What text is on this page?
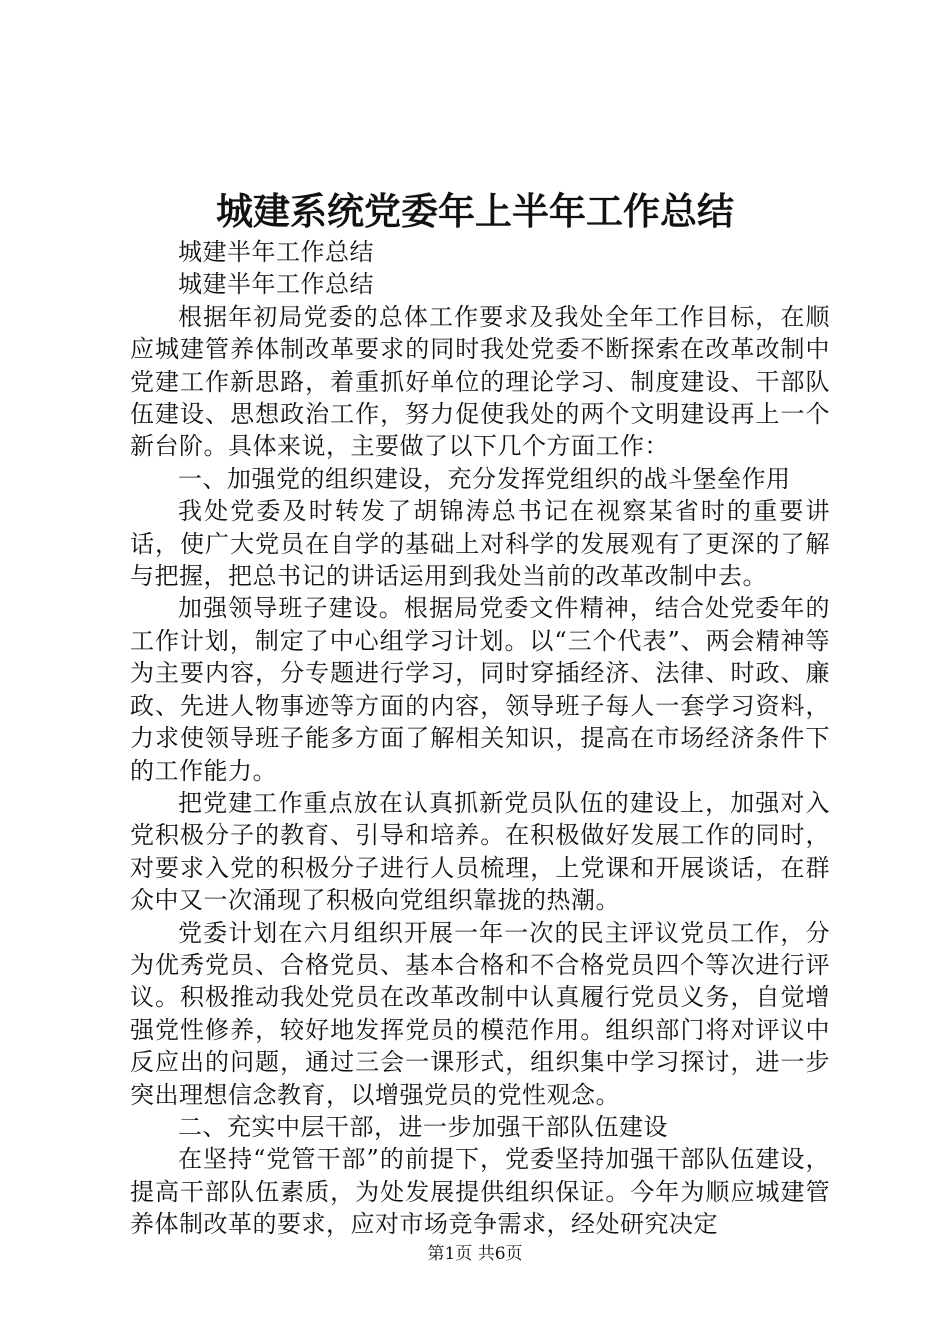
城建系统党委年上半年工作总结

城建半年工作总结

城建半年工作总结

根据年初局党委的总体工作要求及我处全年工作目标，在顺应城建管养体制改革要求的同时我处党委不断探索在改革改制中党建工作新思路，着重抓好单位的理论学习、制度建设、干部队伍建设、思想政治工作，努力促使我处的两个文明建设再上一个新台阶。具体来说，主要做了以下几个方面工作：

一、加强党的组织建设，充分发挥党组织的战斗堡垒作用

我处党委及时转发了胡锦涛总书记在视察某省时的重要讲话，使广大党员在自学的基础上对科学的发展观有了更深的了解与把握，把总书记的讲话运用到我处当前的改革改制中去。

加强领导班子建设。根据局党委文件精神，结合处党委年的工作计划，制定了中心组学习计划。以“三个代表”、两会精神等为主要内容，分专题进行学习，同时穿插经济、法律、时政、廉政、先进人物事迹等方面的内容，领导班子每人一套学习资料，力求使领导班子能多方面了解相关知识，提高在市场经济条件下的工作能力。

把党建工作重点放在认真抓新党员队伍的建设上，加强对入党积极分子的教育、引导和培养。在积极做好发展工作的同时，对要求入党的积极分子进行人员梳理，上党课和开展谈话，在群众中又一次涌现了积极向党组织靠拢的热潮。

党委计划在六月组织开展一年一次的民主评议党员工作，分为优秀党员、合格党员、基本合格和不合格党员四个等次进行评议。积极推动我处党员在改革改制中认真履行党员义务，自觉增强党性修养，较好地发挥党员的模范作用。组织部门将对评议中反应出的问题，通过三会一课形式，组织集中学习探讨，进一步突出理想信念教育，以增强党员的党性观念。

二、充实中层干部，进一步加强干部队伍建设

在坚持“党管干部”的前提下，党委坚持加强干部队伍建设，提高干部队伍素质，为处发展提供组织保证。今年为顺应城建管养体制改革的要求，应对市场竞争需求，经处研究决定

第1页 共6页
